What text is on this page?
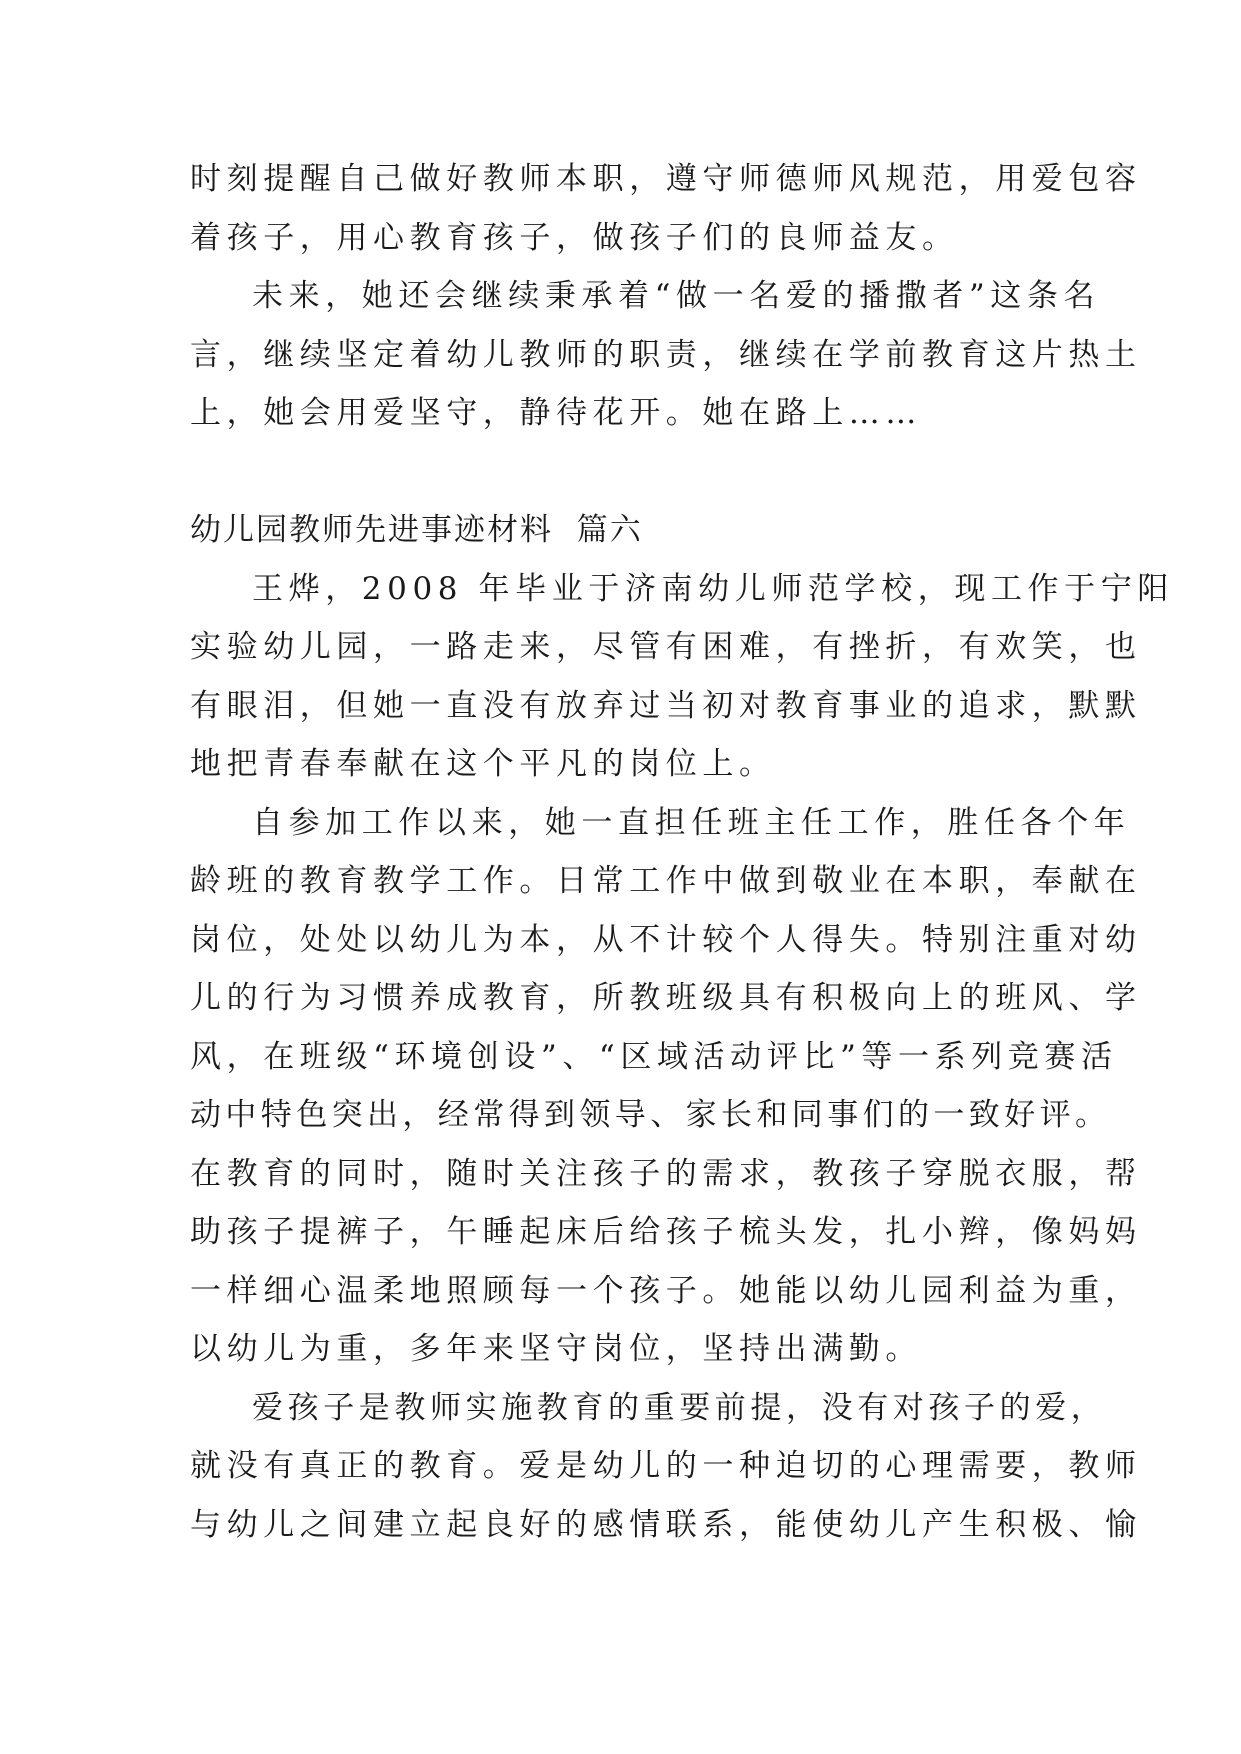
时刻提醒自己做好教师本职，遵守师德师风规范，用爱包容
着孩子，用心教育孩子，做孩子们的良师益友。
未来，她还会继续秉承着“做一名爱的播撒者”这条名
言，继续坚定着幼儿教师的职责，继续在学前教育这片热土
上，她会用爱坚守，静待花开。她在路上……
幼儿园教师先进事迹材料  篇六
王烨，2008 年毕业于济南幼儿师范学校，现工作于宁阳
实验幼儿园，一路走来，尽管有困难，有挫折，有欢笑，也
有眼泪，但她一直没有放弃过当初对教育事业的追求，默默
地把青春奉献在这个平凡的岗位上。
自参加工作以来，她一直担任班主任工作，胜任各个年
龄班的教育教学工作。日常工作中做到敬业在本职，奉献在
岗位，处处以幼儿为本，从不计较个人得失。特别注重对幼
儿的行为习惯养成教育，所教班级具有积极向上的班风、学
风，在班级“环境创设”、“区域活动评比”等一系列竞赛活
动中特色突出，经常得到领导、家长和同事们的一致好评。
在教育的同时，随时关注孩子的需求，教孩子穿脱衣服，帮
助孩子提裤子，午睡起床后给孩子梳头发，扎小辫，像妈妈
一样细心温柔地照顾每一个孩子。她能以幼儿园利益为重，
以幼儿为重，多年来坚守岗位，坚持出满勤。
爱孩子是教师实施教育的重要前提，没有对孩子的爱，
就没有真正的教育。爱是幼儿的一种迫切的心理需要，教师
与幼儿之间建立起良好的感情联系，能使幼儿产生积极、愉
